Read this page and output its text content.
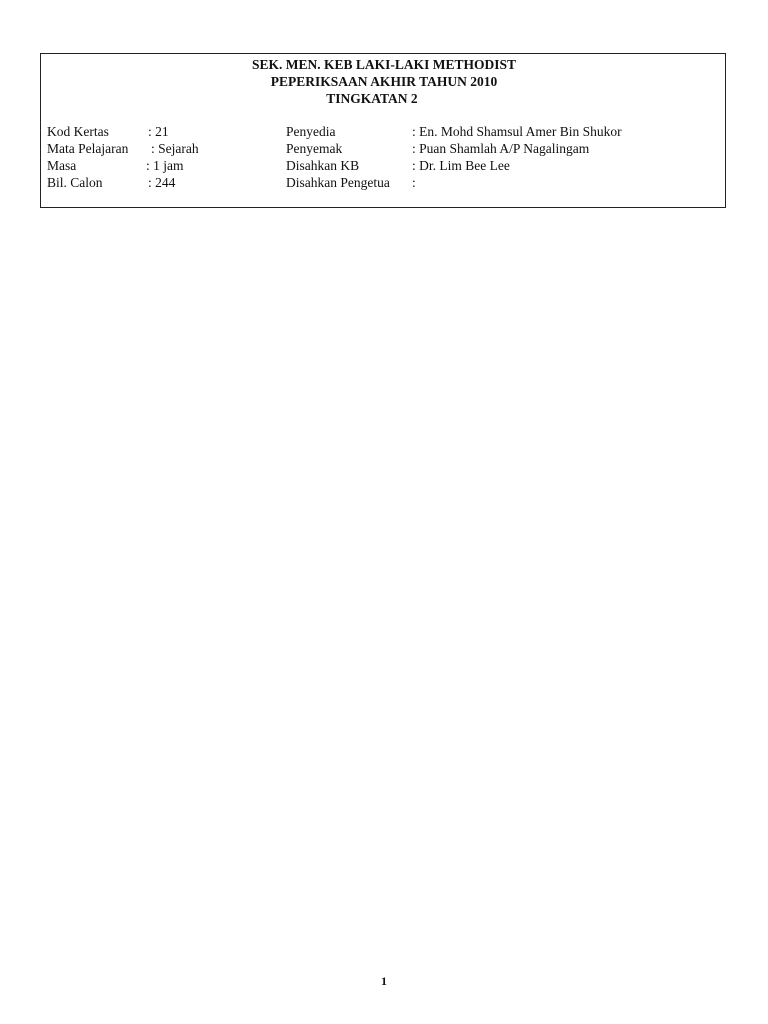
SEK. MEN. KEB LAKI-LAKI METHODIST
PEPERIKSAAN AKHIR TAHUN 2010
TINGKATAN 2
Kod Kertas	: 21
Mata Pelajaran : Sejarah
Masa	: 1 jam
Bil. Calon	: 244
Penyedia	: En. Mohd Shamsul Amer Bin Shukor
Penyemak	: Puan Shamlah A/P Nagalingam
Disahkan KB	: Dr. Lim Bee Lee
Disahkan Pengetua :
1
